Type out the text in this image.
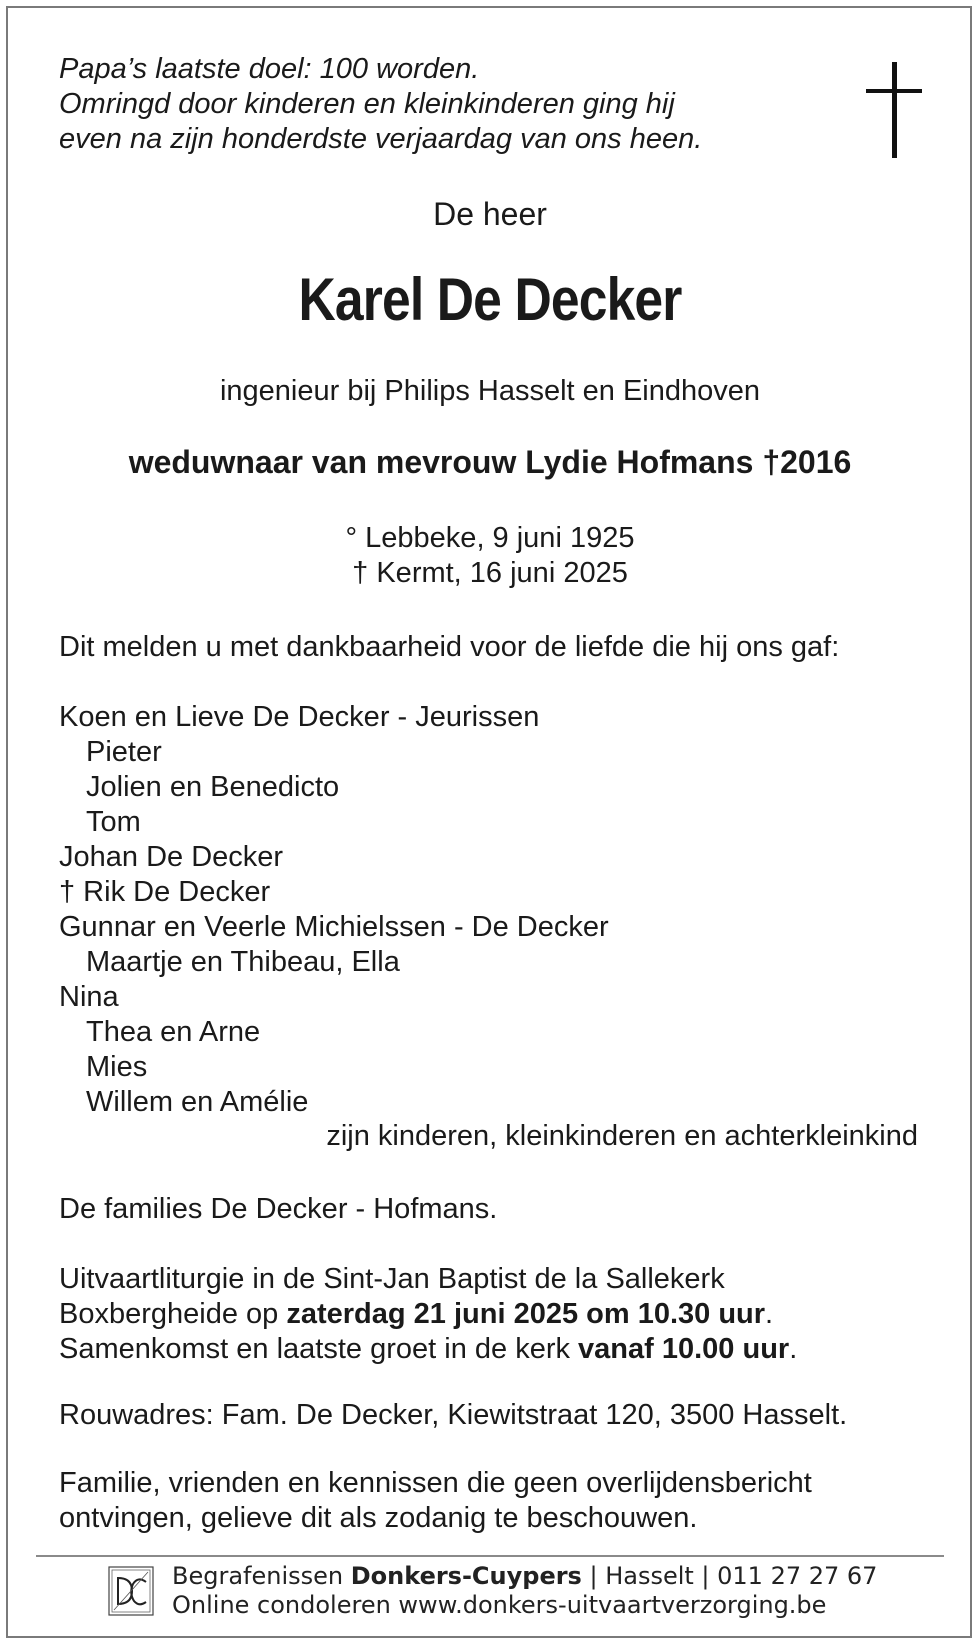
Papa’s laatste doel: 100 worden.
Omringd door kinderen en kleinkinderen ging hij
even na zijn honderdste verjaardag van ons heen.
De heer
Karel De Decker
ingenieur bij Philips Hasselt en Eindhoven
weduwnaar van mevrouw Lydie Hofmans †2016
° Lebbeke, 9 juni 1925
† Kermt, 16 juni 2025
Dit melden u met dankbaarheid voor de liefde die hij ons gaf:
Koen en Lieve De Decker - Jeurissen
Pieter
Jolien en Benedicto
Tom
Johan De Decker
† Rik De Decker
Gunnar en Veerle Michielssen - De Decker
Maartje en Thibeau, Ella
Nina
Thea en Arne
Mies
Willem en Amélie
zijn kinderen, kleinkinderen en achterkleinkind
De families De Decker - Hofmans.
Uitvaartliturgie in de Sint-Jan Baptist de la Sallekerk
Boxbergheide op zaterdag 21 juni 2025 om 10.30 uur.
Samenkomst en laatste groet in de kerk vanaf 10.00 uur.
Rouwadres: Fam. De Decker, Kiewitstraat 120, 3500 Hasselt.
Familie, vrienden en kennissen die geen overlijdensbericht
ontvingen, gelieve dit als zodanig te beschouwen.
Begrafenissen Donkers-Cuypers | Hasselt | 011 27 27 67
Online condoleren www.donkers-uitvaartverzorging.be
